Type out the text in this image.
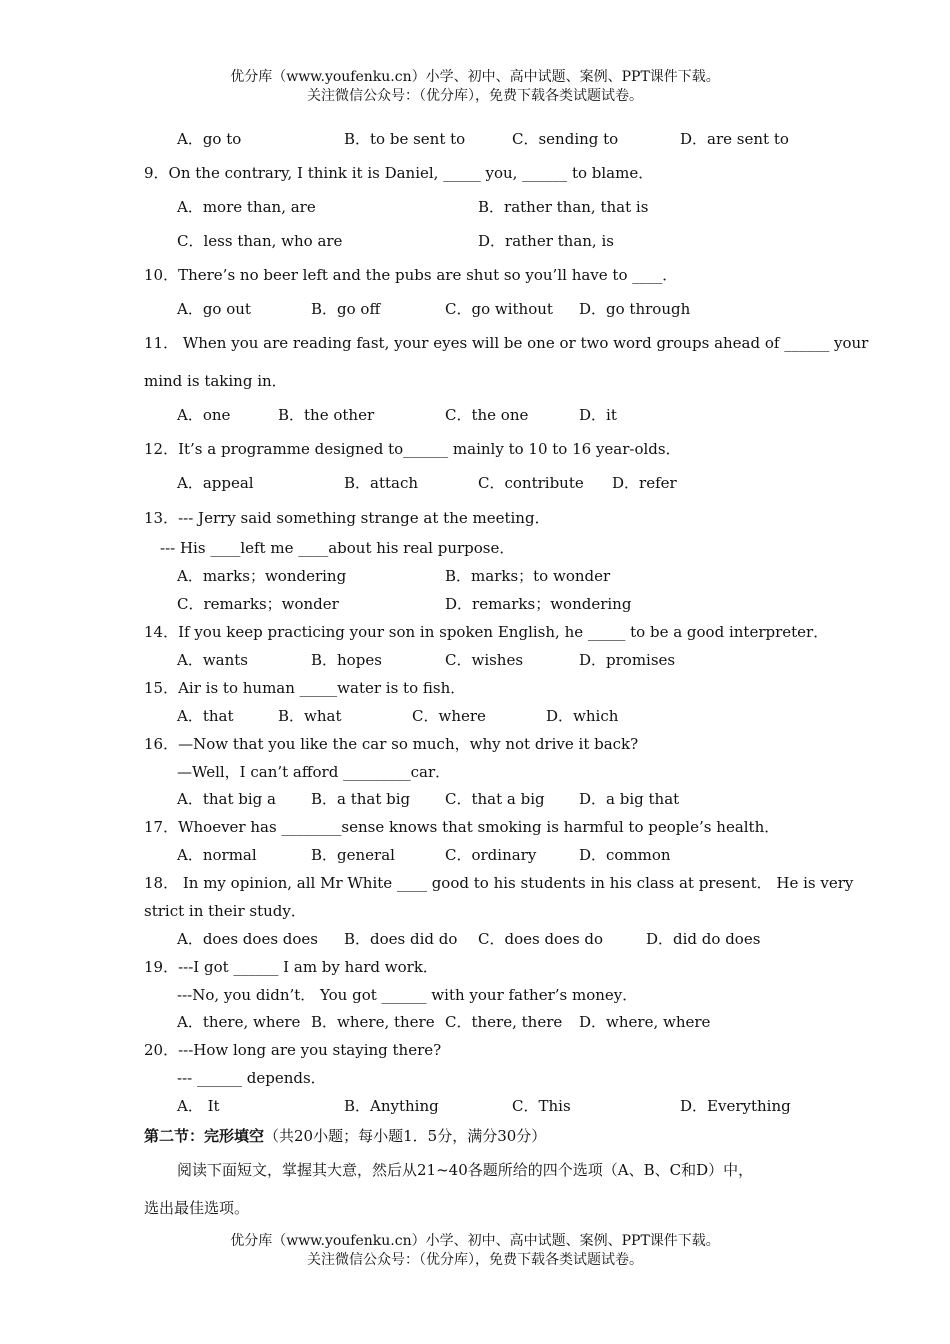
优分库（www.youfenku.cn）小学、初中、高中试题、案例、PPT课件下载。
关注微信公众号：（优分库），免费下载各类试题试卷。
A．go to	B．to be sent to	C．sending to	D．are sent to
9．On the contrary, I think it is Daniel, _____ you, ______ to blame．
A．more than, are	B．rather than, that is
C．less than, who are	D．rather than, is
10．There’s no beer left and the pubs are shut so you’ll have to ____．
A．go out	B．go off	C．go without D．go through
11． When you are reading fast, your eyes will be one or two word groups ahead of ______ your
mind is taking in．
A．one	B．the other	C．the one	D．it
12．It’s a programme designed to______ mainly to 10 to 16 year-olds．
A．appeal	B．attach	C．contribute D．refer
13．--- Jerry said something strange at the meeting．
--- His ____left me ____about his real purpose．
A．marks；wondering	B．marks；to wonder
C．remarks；wonder	D．remarks；wondering
14．If you keep practicing your son in spoken English, he _____ to be a good interpreter．
A．wants	B．hopes	C．wishes	D．promises
15．Air is to human _____water is to fish．
A．that	B．what	C．where	D．which
16．—Now that you like the car so much，why not drive it back?
—Well，I can’t afford _________car．
A．that big a B．a that big C．that a big D．a big that
17．Whoever has ________sense knows that smoking is harmful to people’s health．
A．normal	B．general	C．ordinary	D．common
18． In my opinion, all Mr White ____ good to his students in his class at present． He is very
strict in their study．
A．does does does B．does did do C．does does do	D．did do does
19．---I got ______ I am by hard work．
---No, you didn’t． You got ______ with your father’s money．
A．there, where B．where, there C．there, there D．where, where
20．---How long are you staying there?
--- ______ depends．
A． It	B．Anything	C．This	D．Everything
第二节：完形填空（共20小题；每小题1．5分，满分30分）
阅读下面短文，掌握其大意，然后从21~40各题所给的四个选项（A、B、C和D）中，
选出最佳选项。
优分库（www.youfenku.cn）小学、初中、高中试题、案例、PPT课件下载。
关注微信公众号：（优分库），免费下载各类试题试卷。
